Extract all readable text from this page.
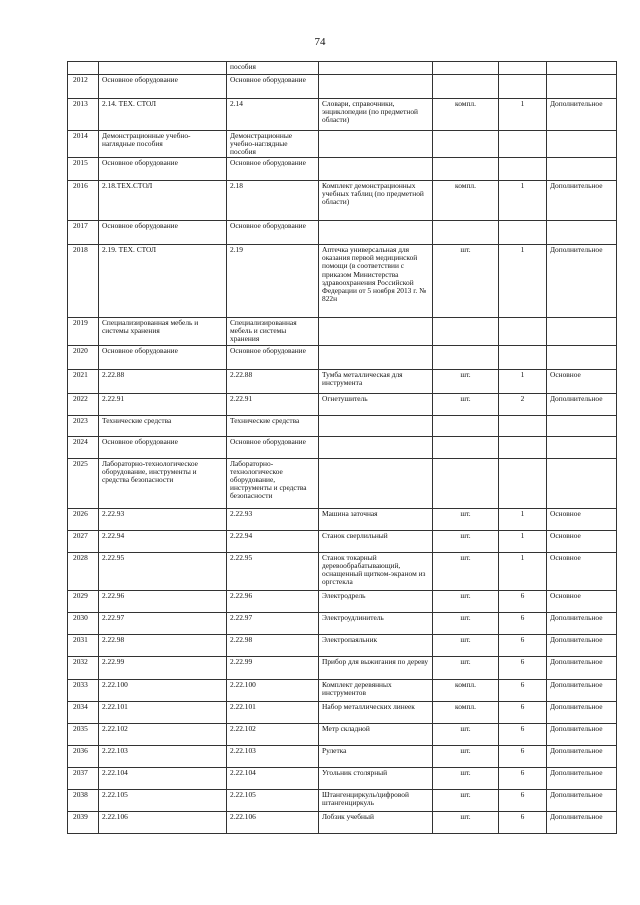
74
		пособия				
2012	Основное оборудование	Основное оборудование				
2013	2.14. ТЕХ. СТОЛ	2.14	Словари, справочники, энциклопедии (по предметной области)	компл.	1	Дополнительное
2014	Демонстрационные учебно-наглядные пособия	Демонстрационные учебно-наглядные пособия				
2015	Основное оборудование	Основное оборудование				
2016	2.18.ТЕХ.СТОЛ	2.18	Комплект демонстрационных учебных таблиц (по предметной области)	компл.	1	Дополнительное
2017	Основное оборудование	Основное оборудование				
2018	2.19. ТЕХ. СТОЛ	2.19	Аптечка универсальная для оказания первой медицинской помощи (в соответствии с приказом Министерства здравоохранения Российской Федерации от 5 ноября 2013 г. № 822н	шт.	1	Дополнительное
2019	Специализированная мебель и системы хранения	Специализированная мебель и системы хранения				
2020	Основное оборудование	Основное оборудование				
2021	2.22.88	2.22.88	Тумба металлическая для инструмента	шт.	1	Основное
2022	2.22.91	2.22.91	Огнетушитель	шт.	2	Дополнительное
2023	Технические средства	Технические средства				
2024	Основное оборудование	Основное оборудование				
2025	Лабораторно-технологическое оборудование, инструменты и средства безопасности	Лабораторно-технологическое оборудование, инструменты и средства безопасности				
2026	2.22.93	2.22.93	Машина заточная	шт.	1	Основное
2027	2.22.94	2.22.94	Станок сверлильный	шт.	1	Основное
2028	2.22.95	2.22.95	Станок токарный деревообрабатывающий, оснащенный щитком-экраном из оргстекла	шт.	1	Основное
2029	2.22.96	2.22.96	Электродрель	шт.	6	Основное
2030	2.22.97	2.22.97	Электроудлинитель	шт.	6	Дополнительное
2031	2.22.98	2.22.98	Электропаяльник	шт.	6	Дополнительное
2032	2.22.99	2.22.99	Прибор для выжигания по дереву	шт.	6	Дополнительное
2033	2.22.100	2.22.100	Комплект деревянных инструментов	компл.	6	Дополнительное
2034	2.22.101	2.22.101	Набор металлических линеек	компл.	6	Дополнительное
2035	2.22.102	2.22.102	Метр складной	шт.	6	Дополнительное
2036	2.22.103	2.22.103	Рулетка	шт.	6	Дополнительное
2037	2.22.104	2.22.104	Угольник столярный	шт.	6	Дополнительное
2038	2.22.105	2.22.105	Штангенциркуль/цифровой штангенциркуль	шт.	6	Дополнительное
2039	2.22.106	2.22.106	Лобзик учебный	шт.	6	Дополнительное
